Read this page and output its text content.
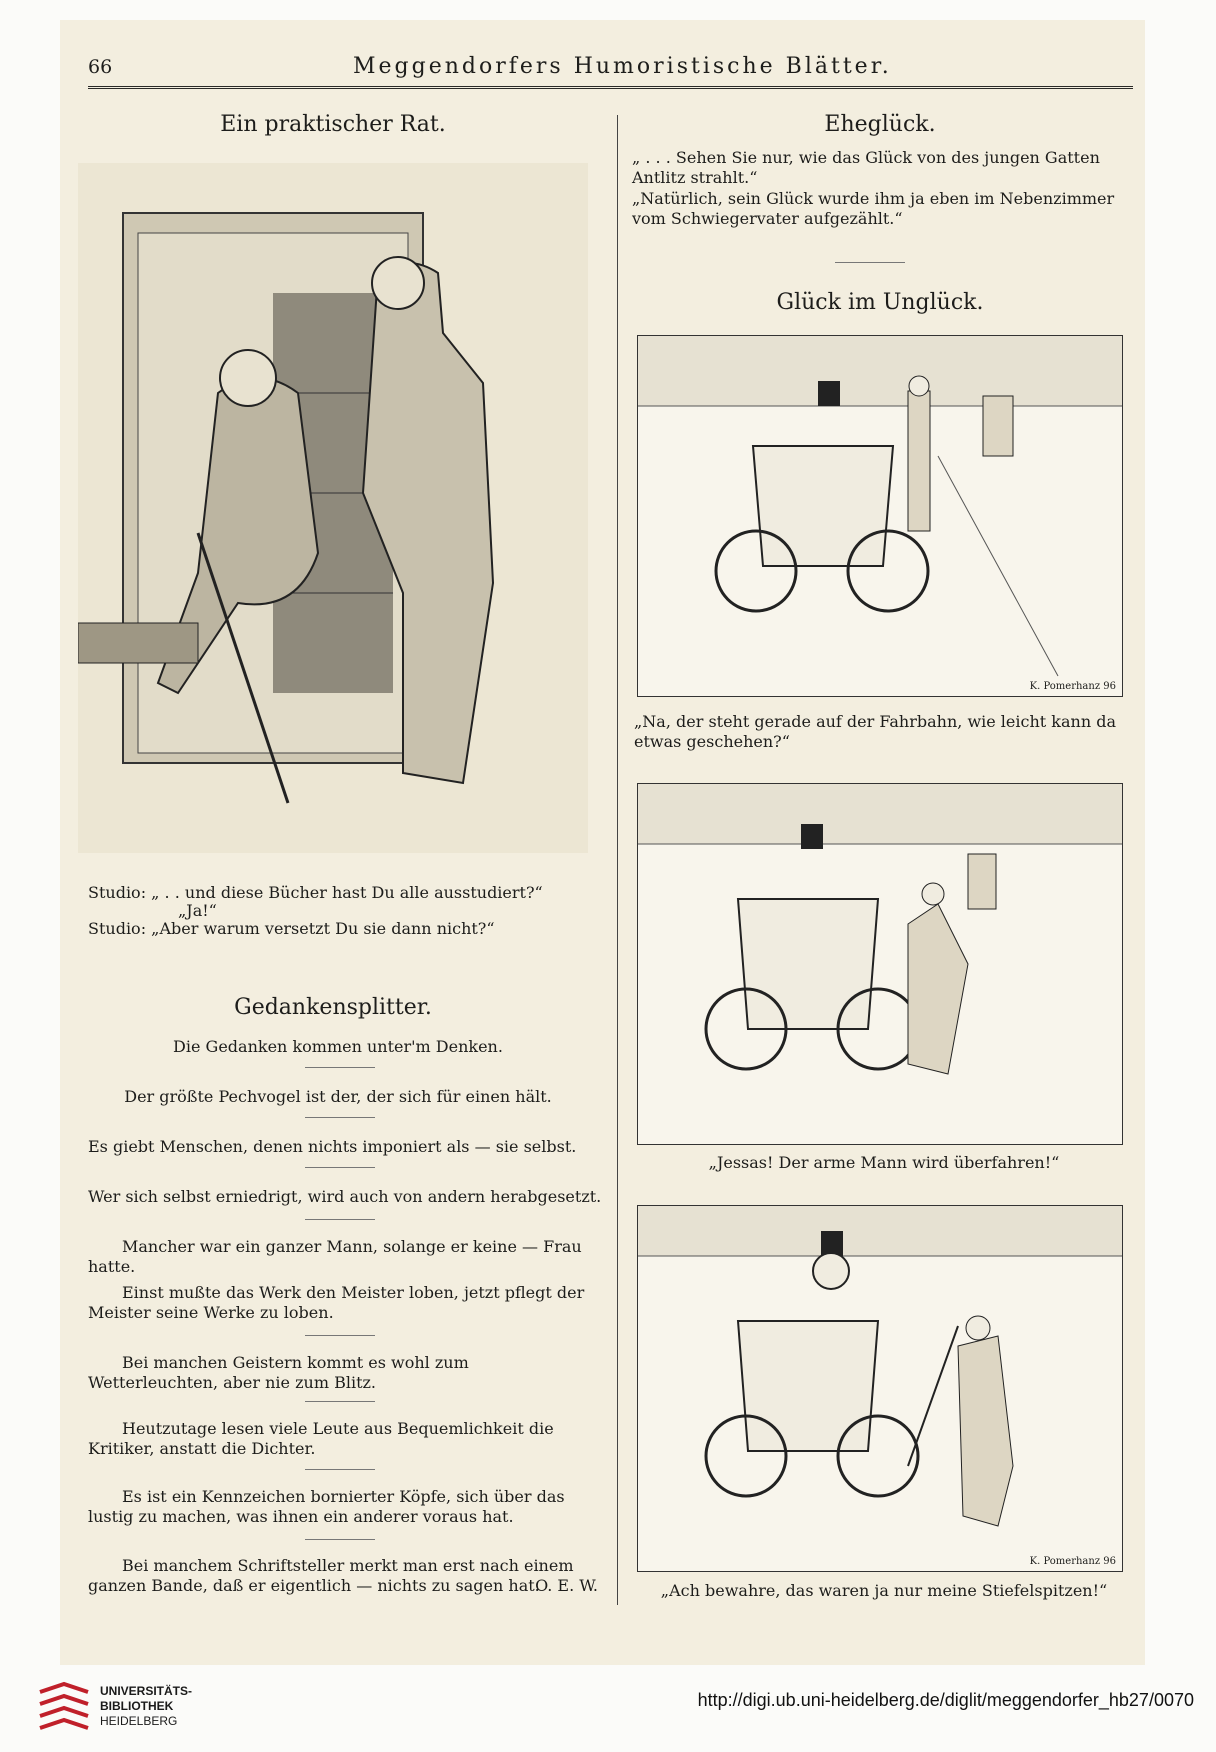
66	Meggendorfers Humoristische Blätter.
Ein praktischer Rat.
Studio: „ . . und diese Bücher hast Du alle ausstudiert?“
„Ja!“
Studio: „Aber warum versetzt Du sie dann nicht?“
Gedankensplitter.
Die Gedanken kommen unter'm Denken.
Der größte Pechvogel ist der, der sich für einen hält.
Es giebt Menschen, denen nichts imponiert als — sie selbst.
Wer sich selbst erniedrigt, wird auch von andern herabgesetzt.
Mancher war ein ganzer Mann, solange er keine — Frau hatte.
Einst mußte das Werk den Meister loben, jetzt pflegt der Meister seine Werke zu loben.
Bei manchen Geistern kommt es wohl zum Wetterleuchten, aber nie zum Blitz.
Heutzutage lesen viele Leute aus Bequemlichkeit die Kritiker, anstatt die Dichter.
Es ist ein Kennzeichen bornierter Köpfe, sich über das lustig zu machen, was ihnen ein anderer voraus hat.
Bei manchem Schriftsteller merkt man erst nach einem ganzen Bande, daß er eigentlich — nichts zu sagen hat.
O. E. W.
Eheglück.
„ . . . Sehen Sie nur, wie das Glück von des jungen Gatten Antlitz strahlt.“
„Natürlich, sein Glück wurde ihm ja eben im Nebenzimmer vom Schwiegervater aufgezählt.“
Glück im Unglück.
K. Pomerhanz 96
„Na, der steht gerade auf der Fahrbahn, wie leicht kann da etwas geschehen?“
„Jessas! Der arme Mann wird überfahren!“
K. Pomerhanz 96
„Ach bewahre, das waren ja nur meine Stiefelspitzen!“
UNIVERSITÄTS-
BIBLIOTHEK
HEIDELBERG
http://digi.ub.uni-heidelberg.de/diglit/meggendorfer_hb27/0070
